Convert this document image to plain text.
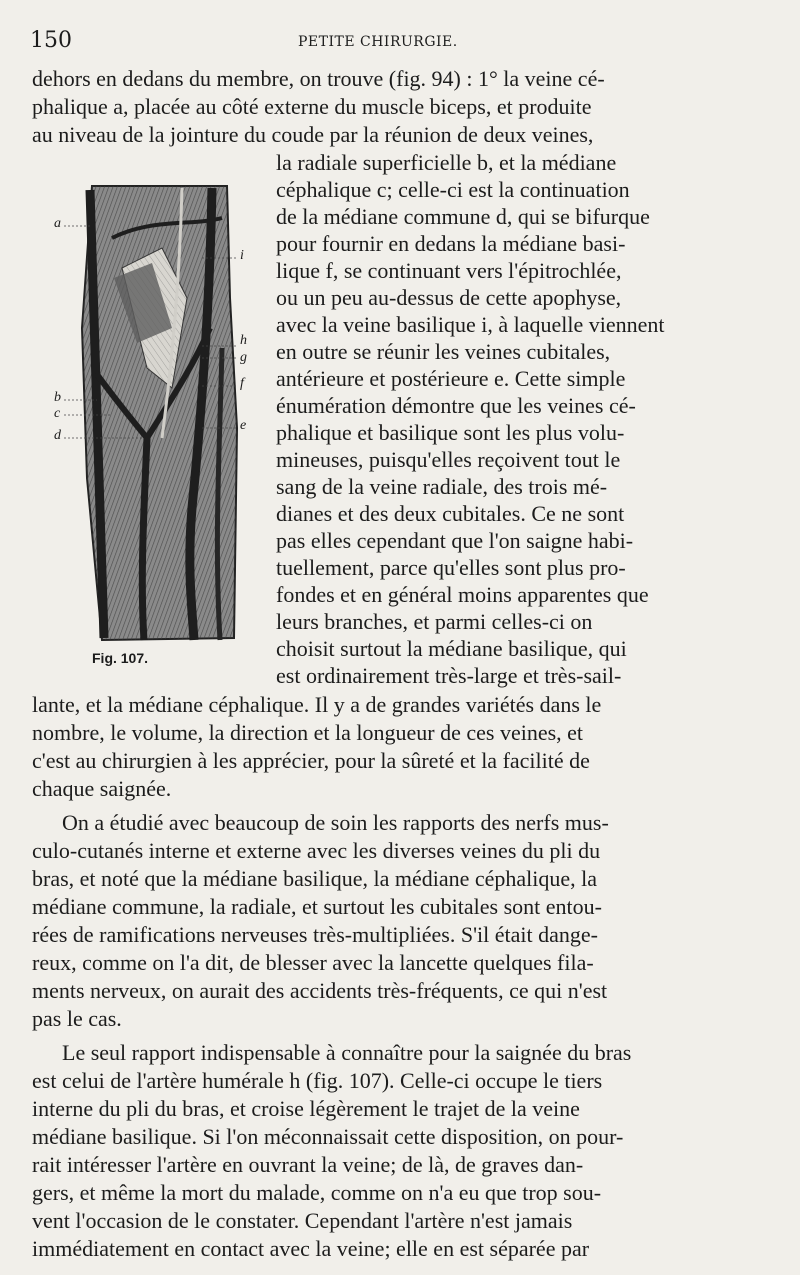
150	PETITE CHIRURGIE.
a
b
c
d
e
f
g
h
i
Fig. 107.
dehors en dedans du membre, on trouve (fig. 94) : 1° la veine cé-
phalique a, placée au côté externe du muscle biceps, et produite
au niveau de la jointure du coude par la réunion de deux veines,
la radiale superficielle b, et la médiane
céphalique c; celle-ci est la continuation
de la médiane commune d, qui se bifurque
pour fournir en dedans la médiane basi-
lique f, se continuant vers l'épitrochlée,
ou un peu au-dessus de cette apophyse,
avec la veine basilique i, à laquelle viennent
en outre se réunir les veines cubitales,
antérieure et postérieure e. Cette simple
énumération démontre que les veines cé-
phalique et basilique sont les plus volu-
mineuses, puisqu'elles reçoivent tout le
sang de la veine radiale, des trois mé-
dianes et des deux cubitales. Ce ne sont
pas elles cependant que l'on saigne habi-
tuellement, parce qu'elles sont plus pro-
fondes et en général moins apparentes que
leurs branches, et parmi celles-ci on
choisit surtout la médiane basilique, qui
est ordinairement très-large et très-sail-
lante, et la médiane céphalique. Il y a de grandes variétés dans le
nombre, le volume, la direction et la longueur de ces veines, et
c'est au chirurgien à les apprécier, pour la sûreté et la facilité de
chaque saignée.
On a étudié avec beaucoup de soin les rapports des nerfs mus-
culo-cutanés interne et externe avec les diverses veines du pli du
bras, et noté que la médiane basilique, la médiane céphalique, la
médiane commune, la radiale, et surtout les cubitales sont entou-
rées de ramifications nerveuses très-multipliées. S'il était dange-
reux, comme on l'a dit, de blesser avec la lancette quelques fila-
ments nerveux, on aurait des accidents très-fréquents, ce qui n'est
pas le cas.
Le seul rapport indispensable à connaître pour la saignée du bras
est celui de l'artère humérale h (fig. 107). Celle-ci occupe le tiers
interne du pli du bras, et croise légèrement le trajet de la veine
médiane basilique. Si l'on méconnaissait cette disposition, on pour-
rait intéresser l'artère en ouvrant la veine; de là, de graves dan-
gers, et même la mort du malade, comme on n'a eu que trop sou-
vent l'occasion de le constater. Cependant l'artère n'est jamais
immédiatement en contact avec la veine; elle en est séparée par
